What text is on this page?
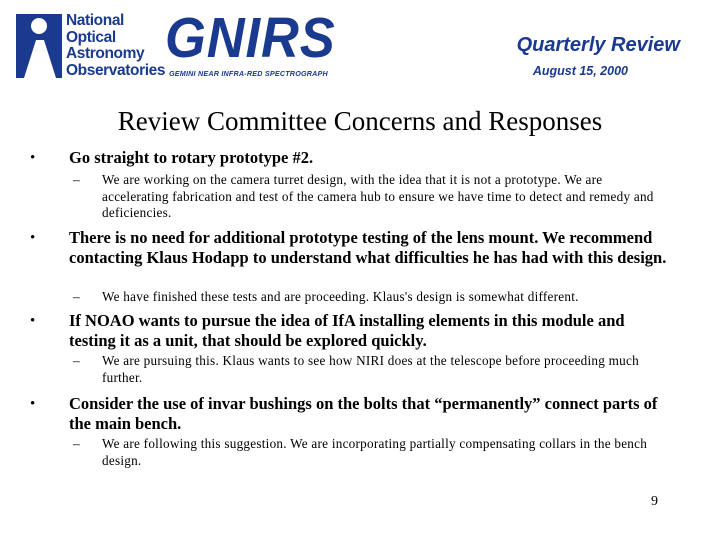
National
Optical
Astronomy
Observatories GNIRS
GEMINI NEAR INFRA-RED SPECTROGRAPH
Quarterly Review
August 15, 2000
Review Committee Concerns and Responses
• Go straight to rotary prototype #2.
– We are working on the camera turret design, with the idea that it is not a prototype. We are accelerating fabrication and test of the camera hub to ensure we have time to detect and remedy and deficiencies.
• There is no need for additional prototype testing of the lens mount. We recommend contacting Klaus Hodapp to understand what difficulties he has had with this design.
– We have finished these tests and are proceeding. Klaus's design is somewhat different.
• If NOAO wants to pursue the idea of IfA installing elements in this module and testing it as a unit, that should be explored quickly.
– We are pursuing this. Klaus wants to see how NIRI does at the telescope before proceeding much further.
• Consider the use of invar bushings on the bolts that “permanently” connect parts of the main bench.
– We are following this suggestion. We are incorporating partially compensating collars in the bench design.
9
